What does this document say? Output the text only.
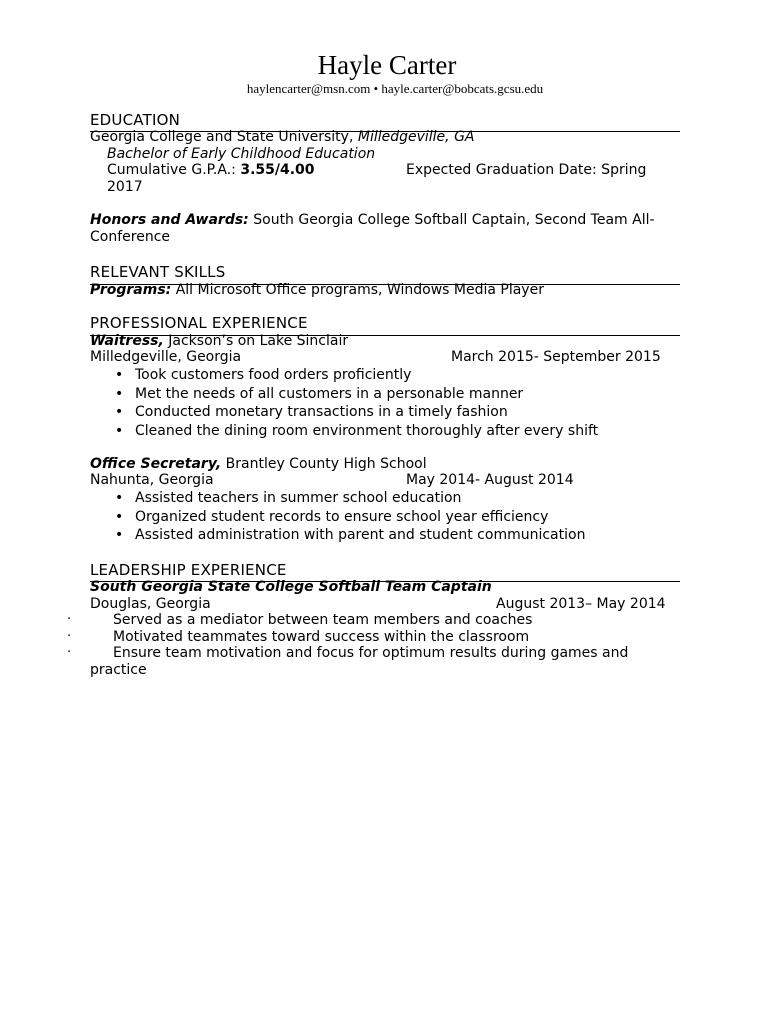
Hayle Carter
haylencarter@msn.com • hayle.carter@bobcats.gcsu.edu
EDUCATION
Georgia College and State University, Milledgeville, GA
Bachelor of Early Childhood Education
Cumulative G.P.A.: 3.55/4.00	Expected Graduation Date: Spring
2017
Honors and Awards: South Georgia College Softball Captain, Second Team All-
Conference
RELEVANT SKILLS
Programs: All Microsoft Office programs, Windows Media Player
PROFESSIONAL EXPERIENCE
Waitress, Jackson’s on Lake Sinclair
Milledgeville, Georgia	March 2015- September 2015
• Took customers food orders proficiently
• Met the needs of all customers in a personable manner
• Conducted monetary transactions in a timely fashion
• Cleaned the dining room environment thoroughly after every shift
Office Secretary, Brantley County High School
Nahunta, Georgia	May 2014- August 2014
• Assisted teachers in summer school education
• Organized student records to ensure school year efficiency
• Assisted administration with parent and student communication
LEADERSHIP EXPERIENCE
South Georgia State College Softball Team Captain
Douglas, Georgia	August 2013– May 2014
· Served as a mediator between team members and coaches
· Motivated teammates toward success within the classroom
· Ensure team motivation and focus for optimum results during games and
practice
